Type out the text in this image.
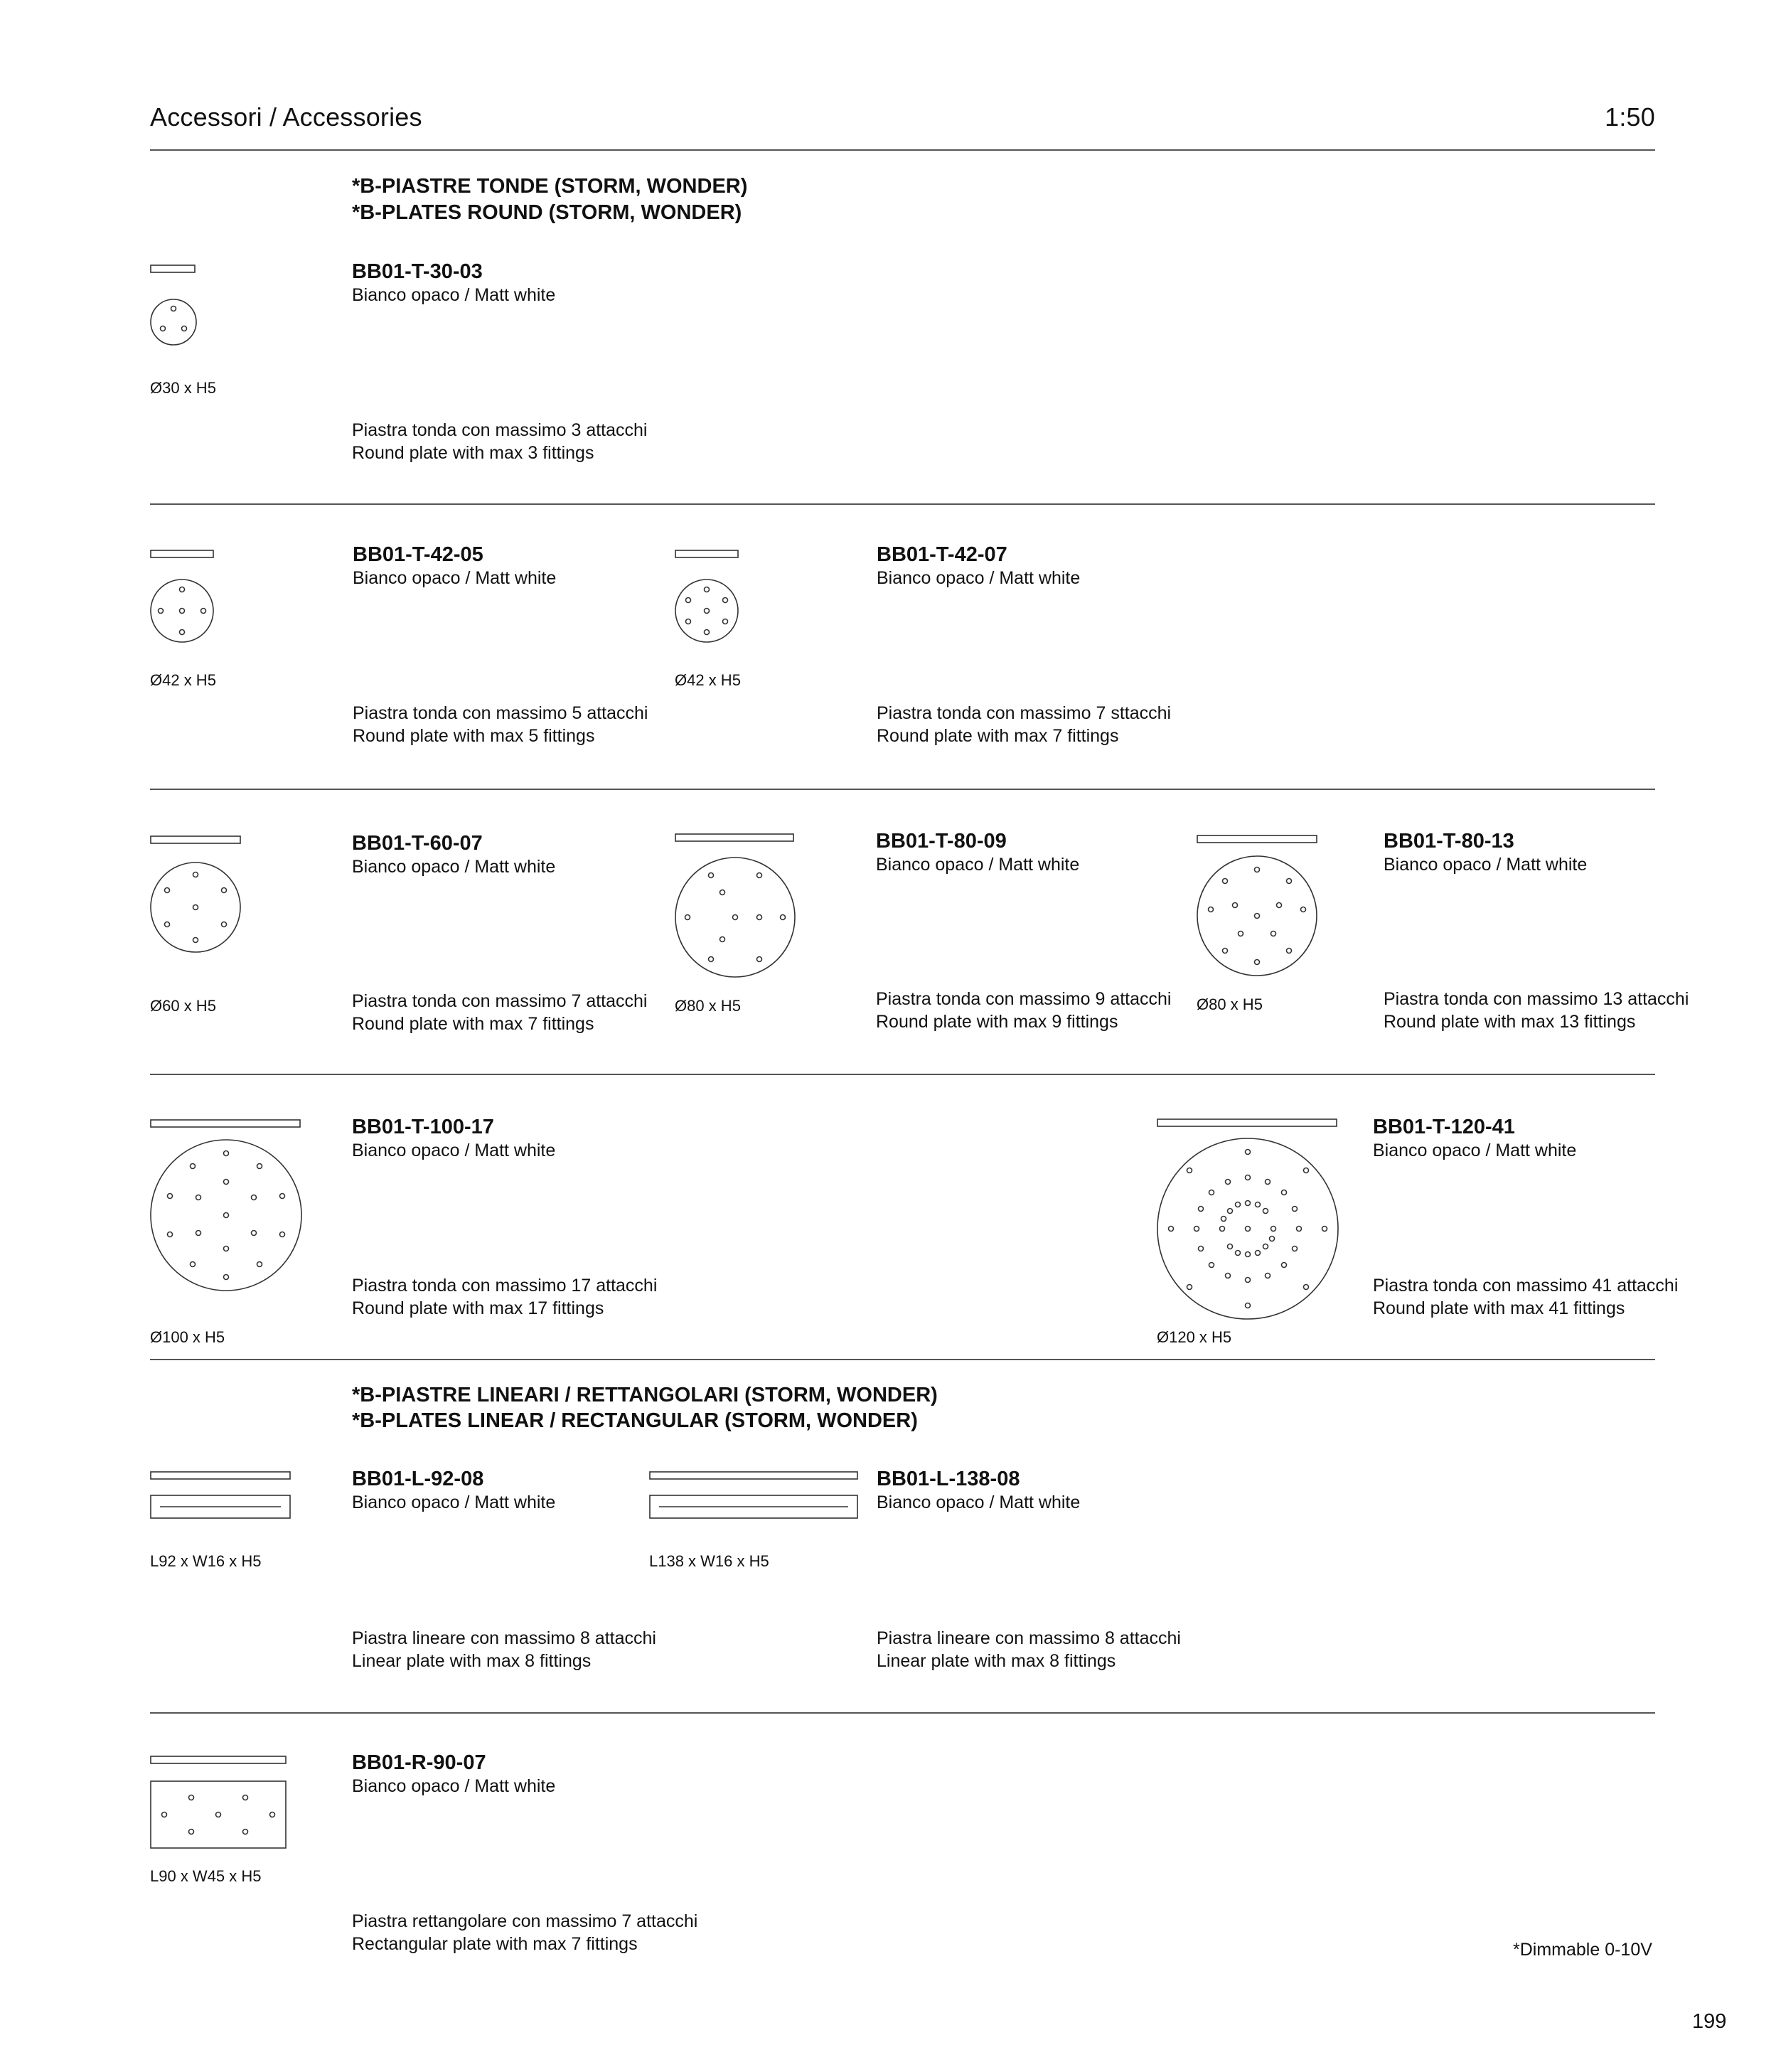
Accessori / Accessories	1:50
*B-PIASTRE TONDE (STORM, WONDER)
*B-PLATES ROUND (STORM, WONDER)
Ø30 x H5
BB01-T-30-03
Bianco opaco / Matt white
Piastra tonda con massimo 3 attacchi
Round plate with max 3 fittings
Ø42 x H5
BB01-T-42-05
Bianco opaco / Matt white
Piastra tonda con massimo 5 attacchi
Round plate with max 5 fittings
Ø42 x H5
BB01-T-42-07
Bianco opaco / Matt white
Piastra tonda con massimo 7 sttacchi
Round plate with max 7 fittings
Ø60 x H5
BB01-T-60-07
Bianco opaco / Matt white
Piastra tonda con massimo 7 attacchi
Round plate with max 7 fittings
Ø80 x H5
BB01-T-80-09
Bianco opaco / Matt white
Piastra tonda con massimo 9 attacchi
Round plate with max 9 fittings
Ø80 x H5
BB01-T-80-13
Bianco opaco / Matt white
Piastra tonda con massimo 13 attacchi
Round plate with max 13 fittings
Ø100 x H5
BB01-T-100-17
Bianco opaco / Matt white
Piastra tonda con massimo 17 attacchi
Round plate with max 17 fittings
Ø120 x H5
BB01-T-120-41
Bianco opaco / Matt white
Piastra tonda con massimo 41 attacchi
Round plate with max 41 fittings
*B-PIASTRE LINEARI / RETTANGOLARI (STORM, WONDER)
*B-PLATES LINEAR / RECTANGULAR (STORM, WONDER)
L92 x W16 x H5
BB01-L-92-08
Bianco opaco / Matt white
Piastra lineare con massimo 8 attacchi
Linear plate with max 8 fittings
L138 x W16 x H5
BB01-L-138-08
Bianco opaco / Matt white
Piastra lineare con massimo 8 attacchi
Linear plate with max 8 fittings
L90 x W45 x H5
BB01-R-90-07
Bianco opaco / Matt white
Piastra rettangolare con massimo 7 attacchi
Rectangular plate with max 7 fittings	*Dimmable 0-10V
199
